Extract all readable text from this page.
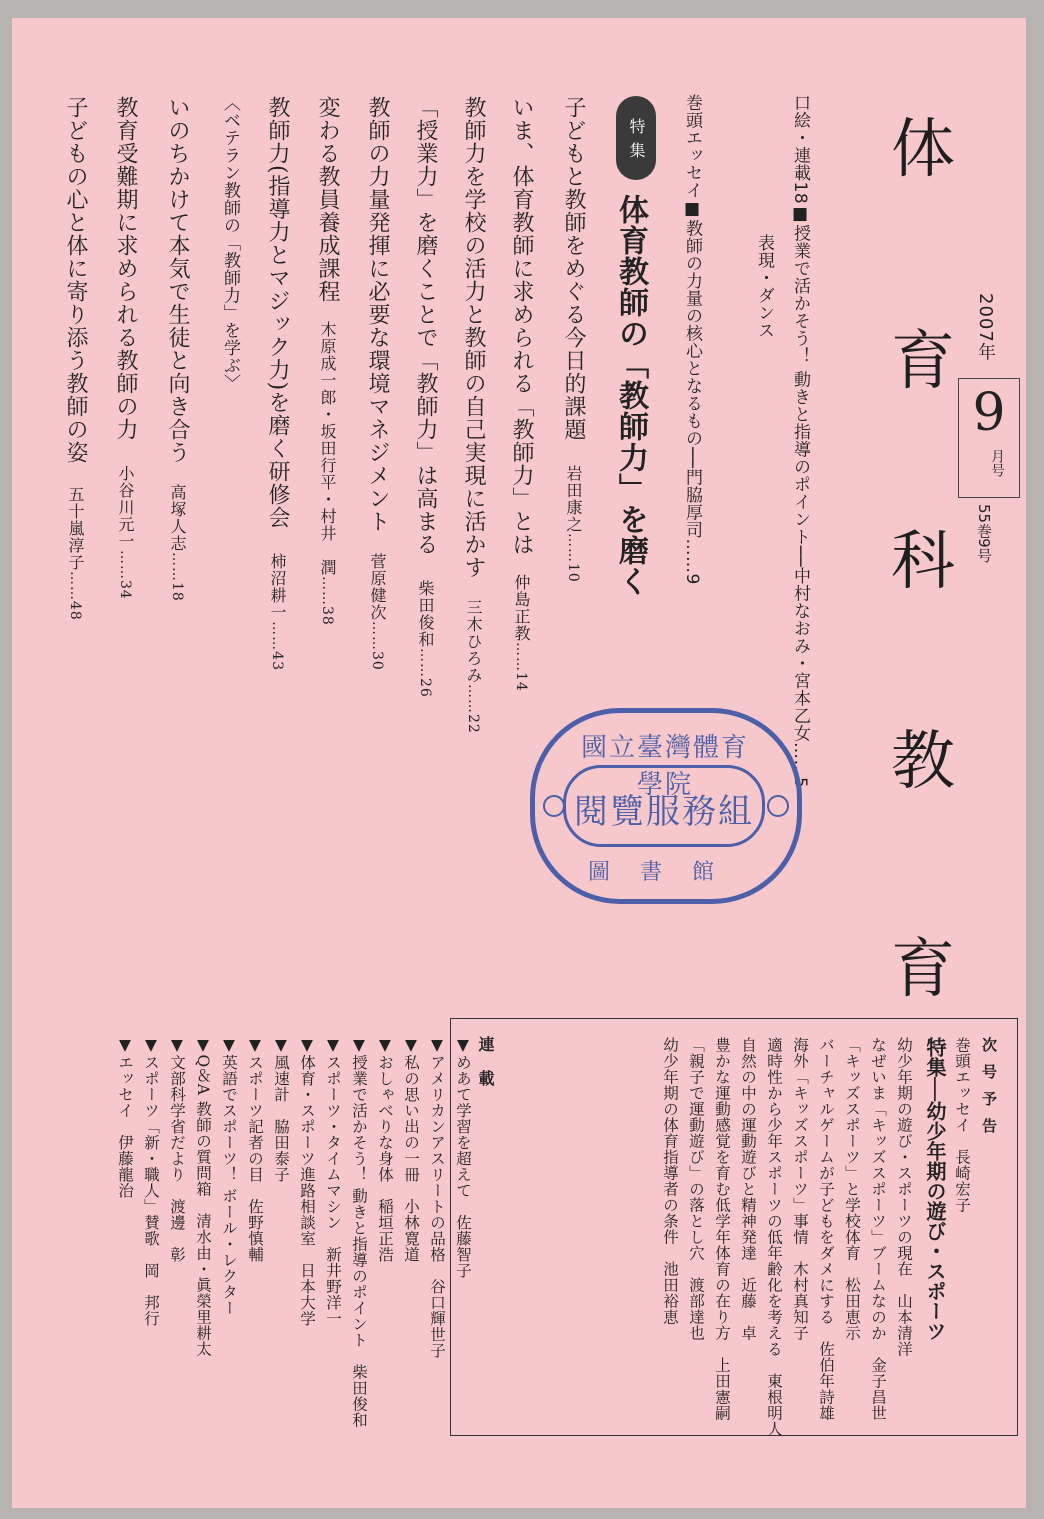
体
育
科
教
育
2007年
9
月号
55巻9号
口絵・連載18■授業で活かそう！ 動きと指導のポイント──中村なおみ・宮本乙女……5
表現・ダンス
巻頭エッセイ■教師の力量の核心となるもの──門脇厚司……9
特集
体育教師の「教師力」を磨く
子どもと教師をめぐる今日的課題岩田康之……10
いま、体育教師に求められる「教師力」とは仲島正教……14
教師力を学校の活力と教師の自己実現に活かす三木ひろみ……22
「授業力」を磨くことで「教師力」は高まる柴田俊和……26
教師の力量発揮に必要な環境マネジメント菅原健次……30
変わる教員養成課程木原成一郎・坂田行平・村井　潤……38
教師力(指導力とマジック力)を磨く研修会柿沼耕一……43
〈ベテラン教師の「教師力」を学ぶ〉
いのちかけて本気で生徒と向き合う高塚人志……18
教育受難期に求められる教師の力小谷川元一……34
子どもの心と体に寄り添う教師の姿五十嵐淳子……48
國立臺灣體育學院
閱覽服務組
圖書館
次号予告
巻頭エッセイ　長崎宏子
特集──幼少年期の遊び・スポーツ
幼少年期の遊び・スポーツの現在　山本清洋
なぜいま「キッズスポーツ」ブームなのか　金子昌世
「キッズスポーツ」と学校体育　松田恵示
バーチャルゲームが子どもをダメにする　佐伯年詩雄
海外「キッズスポーツ」事情　木村真知子
適時性から少年スポーツの低年齢化を考える　東根明人
自然の中の運動遊びと精神発達　近藤　卓
豊かな運動感覚を育む低学年体育の在り方　上田憲嗣
「親子で運動遊び」の落とし穴　渡部達也
幼少年期の体育指導者の条件　池田裕恵
連載
▼めあて学習を超えて　佐藤智子
▼アメリカンアスリートの品格　谷口輝世子
▼私の思い出の一冊　小林寛道
▼おしゃべりな身体　稲垣正浩
▼授業で活かそう！ 動きと指導のポイント　柴田俊和
▼スポーツ・タイムマシン　新井野洋一
▼体育・スポーツ進路相談室　日本大学
▼風速計　脇田泰子
▼スポーツ記者の目　佐野慎輔
▼英語でスポーツ！ ボール・レクター
▼Q＆A 教師の質問箱　清水由・眞榮里耕太
▼文部科学省だより　渡邊　彰
▼スポーツ「新・職人」賛歌　岡　邦行
▼エッセイ　伊藤龍治
